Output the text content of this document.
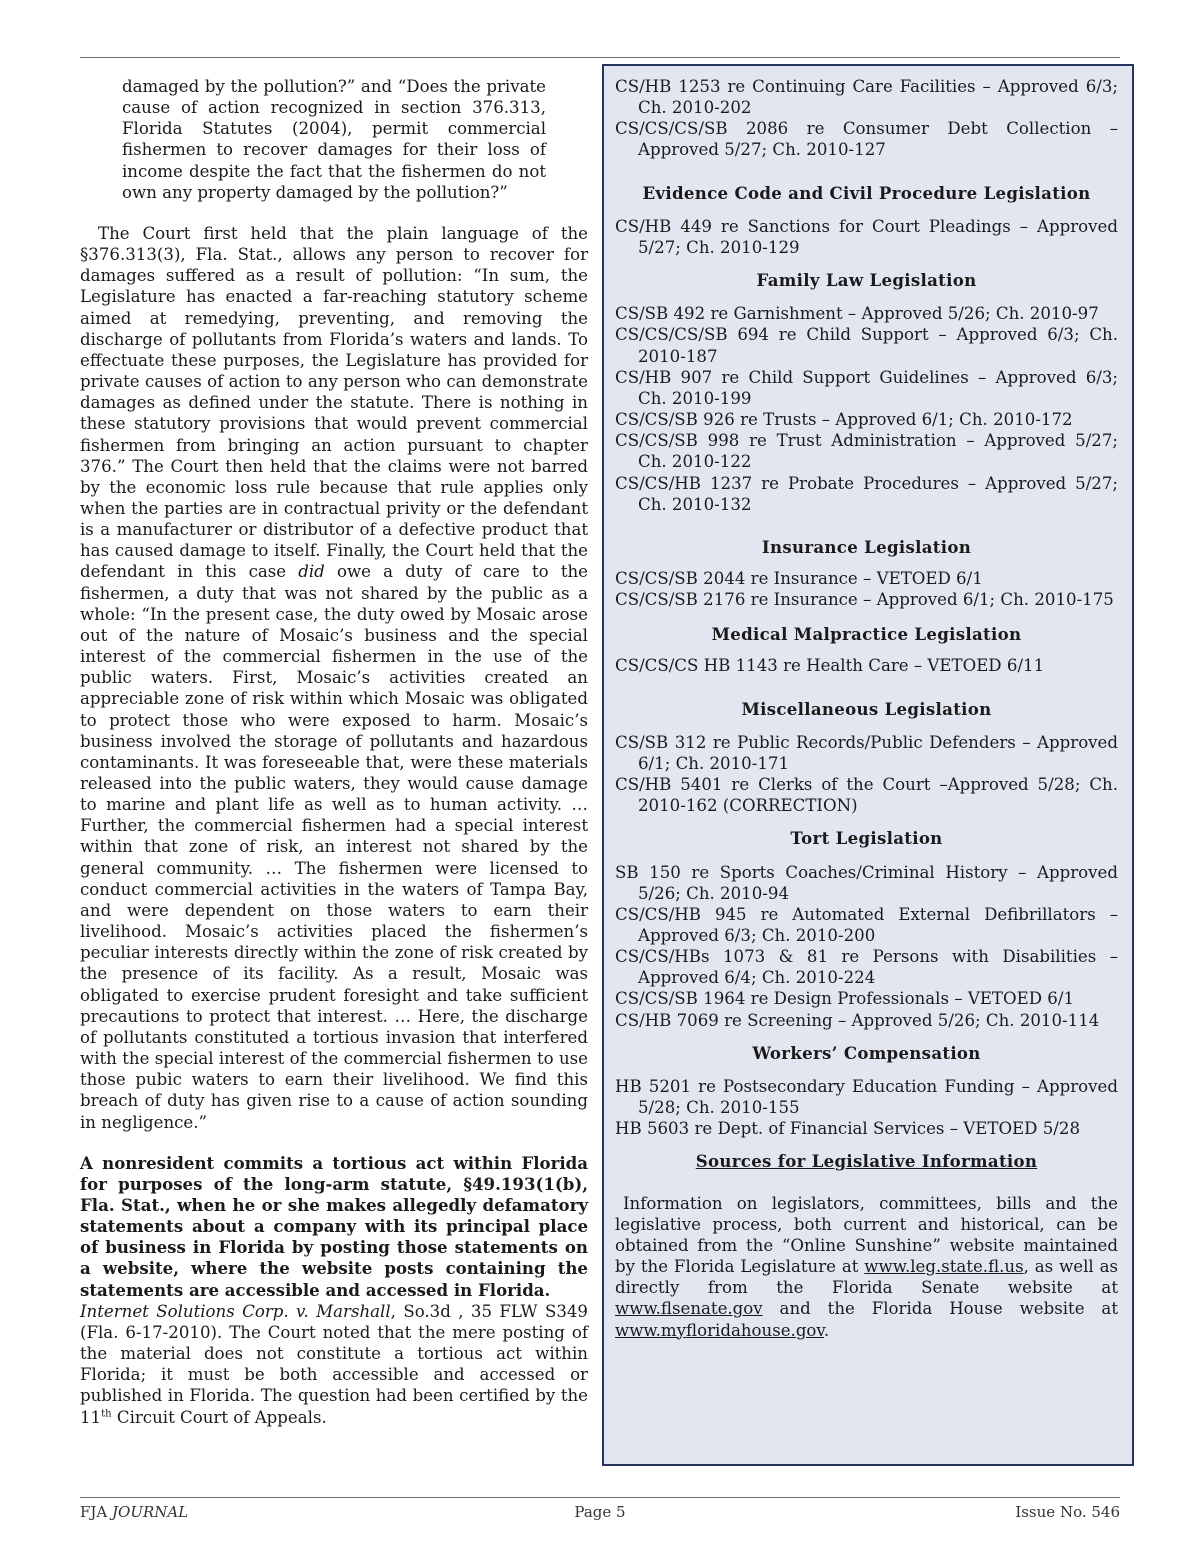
damaged by the pollution?” and “Does the private cause of action recognized in section 376.313, Florida Statutes (2004), permit commercial fishermen to recover damages for their loss of income despite the fact that the fishermen do not own any property damaged by the pollution?”

The Court first held that the plain language of the §376.313(3), Fla. Stat., allows any person to recover for damages suffered as a result of pollution: “In sum, the Legislature has enacted a far-reaching statutory scheme aimed at remedying, preventing, and removing the discharge of pollutants from Florida’s waters and lands. To effectuate these purposes, the Legislature has provided for private causes of action to any person who can demonstrate damages as defined under the statute. There is nothing in these statutory provisions that would prevent commercial fishermen from bringing an action pursuant to chapter 376.” The Court then held that the claims were not barred by the economic loss rule because that rule applies only when the parties are in contractual privity or the defendant is a manufacturer or distributor of a defective product that has caused damage to itself. Finally, the Court held that the defendant in this case did owe a duty of care to the fishermen, a duty that was not shared by the public as a whole: “In the present case, the duty owed by Mosaic arose out of the nature of Mosaic’s business and the special interest of the commercial fishermen in the use of the public waters. First, Mosaic’s activities created an appreciable zone of risk within which Mosaic was obligated to protect those who were exposed to harm. Mosaic’s business involved the storage of pollutants and hazardous contaminants. It was foreseeable that, were these materials released into the public waters, they would cause damage to marine and plant life as well as to human activity. … Further, the commercial fishermen had a special interest within that zone of risk, an interest not shared by the general community. … The fishermen were licensed to conduct commercial activities in the waters of Tampa Bay, and were dependent on those waters to earn their livelihood. Mosaic’s activities placed the fishermen’s peculiar interests directly within the zone of risk created by the presence of its facility. As a result, Mosaic was obligated to exercise prudent foresight and take sufficient precautions to protect that interest. … Here, the discharge of pollutants constituted a tortious invasion that interfered with the special interest of the commercial fishermen to use those pubic waters to earn their livelihood. We find this breach of duty has given rise to a cause of action sounding in negligence.”

A nonresident commits a tortious act within Florida for purposes of the long-arm statute, §49.193(1(b), Fla. Stat., when he or she makes allegedly defamatory statements about a company with its principal place of business in Florida by posting those statements on a website, where the website posts containing the statements are accessible and accessed in Florida.

Internet Solutions Corp. v. Marshall, So.3d , 35 FLW S349 (Fla. 6-17-2010). The Court noted that the mere posting of the material does not constitute a tortious act within Florida; it must be both accessible and accessed or published in Florida. The question had been certified by the 11th Circuit Court of Appeals.

CS/HB 1253 re Continuing Care Facilities – Approved 6/3; Ch. 2010-202

CS/CS/CS/SB 2086 re Consumer Debt Collection – Approved 5/27; Ch. 2010-127

Evidence Code and Civil Procedure Legislation

CS/HB 449 re Sanctions for Court Pleadings – Approved 5/27; Ch. 2010-129

Family Law Legislation

CS/SB 492 re Garnishment – Approved 5/26; Ch. 2010-97

CS/CS/CS/SB 694 re Child Support – Approved 6/3; Ch. 2010-187

CS/HB 907 re Child Support Guidelines – Approved 6/3; Ch. 2010-199

CS/CS/SB 926 re Trusts – Approved 6/1; Ch. 2010-172

CS/CS/SB 998 re Trust Administration – Approved 5/27; Ch. 2010-122

CS/CS/HB 1237 re Probate Procedures – Approved 5/27; Ch. 2010-132

Insurance Legislation

CS/CS/SB 2044 re Insurance – VETOED 6/1

CS/CS/SB 2176 re Insurance – Approved 6/1; Ch. 2010-175

Medical Malpractice Legislation

CS/CS/CS HB 1143 re Health Care – VETOED 6/11

Miscellaneous Legislation

CS/SB 312 re Public Records/Public Defenders – Approved 6/1; Ch. 2010-171

CS/HB 5401 re Clerks of the Court –Approved 5/28; Ch. 2010-162 (CORRECTION)

Tort Legislation

SB 150 re Sports Coaches/Criminal History – Approved 5/26; Ch. 2010-94

CS/CS/HB 945 re Automated External Defibrillators – Approved 6/3; Ch. 2010-200

CS/CS/HBs 1073 & 81 re Persons with Disabilities – Approved 6/4; Ch. 2010-224

CS/CS/SB 1964 re Design Professionals – VETOED 6/1

CS/HB 7069 re Screening – Approved 5/26; Ch. 2010-114

Workers’ Compensation

HB 5201 re Postsecondary Education Funding – Approved 5/28; Ch. 2010-155

HB 5603 re Dept. of Financial Services – VETOED 5/28

Sources for Legislative Information

Information on legislators, committees, bills and the legislative process, both current and historical, can be obtained from the “Online Sunshine” website maintained by the Florida Legislature at www.leg.state.fl.us, as well as directly from the Florida Senate website at www.flsenate.gov and the Florida House website at www.myfloridahouse.gov.

FJA JOURNAL	Page 5	Issue No. 546
